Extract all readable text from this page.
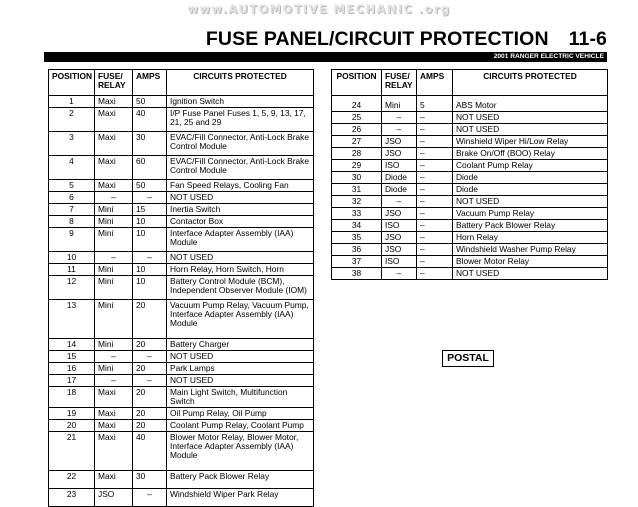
www.AUTOMOTIVE MECHANIC .org
FUSE PANEL/CIRCUIT PROTECTION 11-6
2001 RANGER ELECTRIC VEHICLE
POSITION	FUSE/ RELAY	AMPS	CIRCUITS PROTECTED
1	Maxi	50	Ignition Switch
2	Maxi	40	I/P Fuse Panel Fuses 1, 5, 9, 13, 17, 21, 25 and 29
3	Maxi	30	EVAC/Fill Connector, Anti-Lock Brake Control Module
4	Maxi	60	EVAC/Fill Connector, Anti-Lock Brake Control Module
5	Maxi	50	Fan Speed Relays, Cooling Fan
6	–	–	NOT USED
7	Mini	15	Inertia Switch
8	Mini	10	Contactor Box
9	Mini	10	Interface Adapter Assembly (IAA) Module
10	–	–	NOT USED
11	Mini	10	Horn Relay, Horn Switch, Horn
12	Mini	10	Battery Control Module (BCM), Independent Observer Module (IOM)
13	Mini	20	Vacuum Pump Relay, Vacuum Pump, Interface Adapter Assembly (IAA) Module
14	Mini	20	Battery Charger
15	–	–	NOT USED
16	Mini	20	Park Lamps
17	–	–	NOT USED
18	Maxi	20	Main Light Switch, Multifunction Switch
19	Maxi	20	Oil Pump Relay, Oil Pump
20	Maxi	20	Coolant Pump Relay, Coolant Pump
21	Maxi	40	Blower Motor Relay, Blower Motor, Interface Adapter Assembly (IAA) Module
22	Maxi	30	Battery Pack Blower Relay
23	JSO	–	Windshield Wiper Park Relay
POSITION	FUSE/ RELAY	AMPS	CIRCUITS PROTECTED
24	Mini	5	ABS Motor
25	–	–	NOT USED
26	–	–	NOT USED
27	JSO	–	Winshield Wiper Hi/Low Relay
28	JSO	–	Brake On/Off (BOO) Relay
29	ISO	–	Coolant Pump Relay
30	Diode	–	Diode
31	Diode	–	Diode
32	–	–	NOT USED
33	JSO	–	Vacuum Pump Relay
34	ISO	–	Battery Pack Blower Relay
35	JSO	–	Horn Relay
36	JSO	–	Windshield Washer Pump Relay
37	ISO	–	Blower Motor Relay
38	–	–	NOT USED
POSTAL
